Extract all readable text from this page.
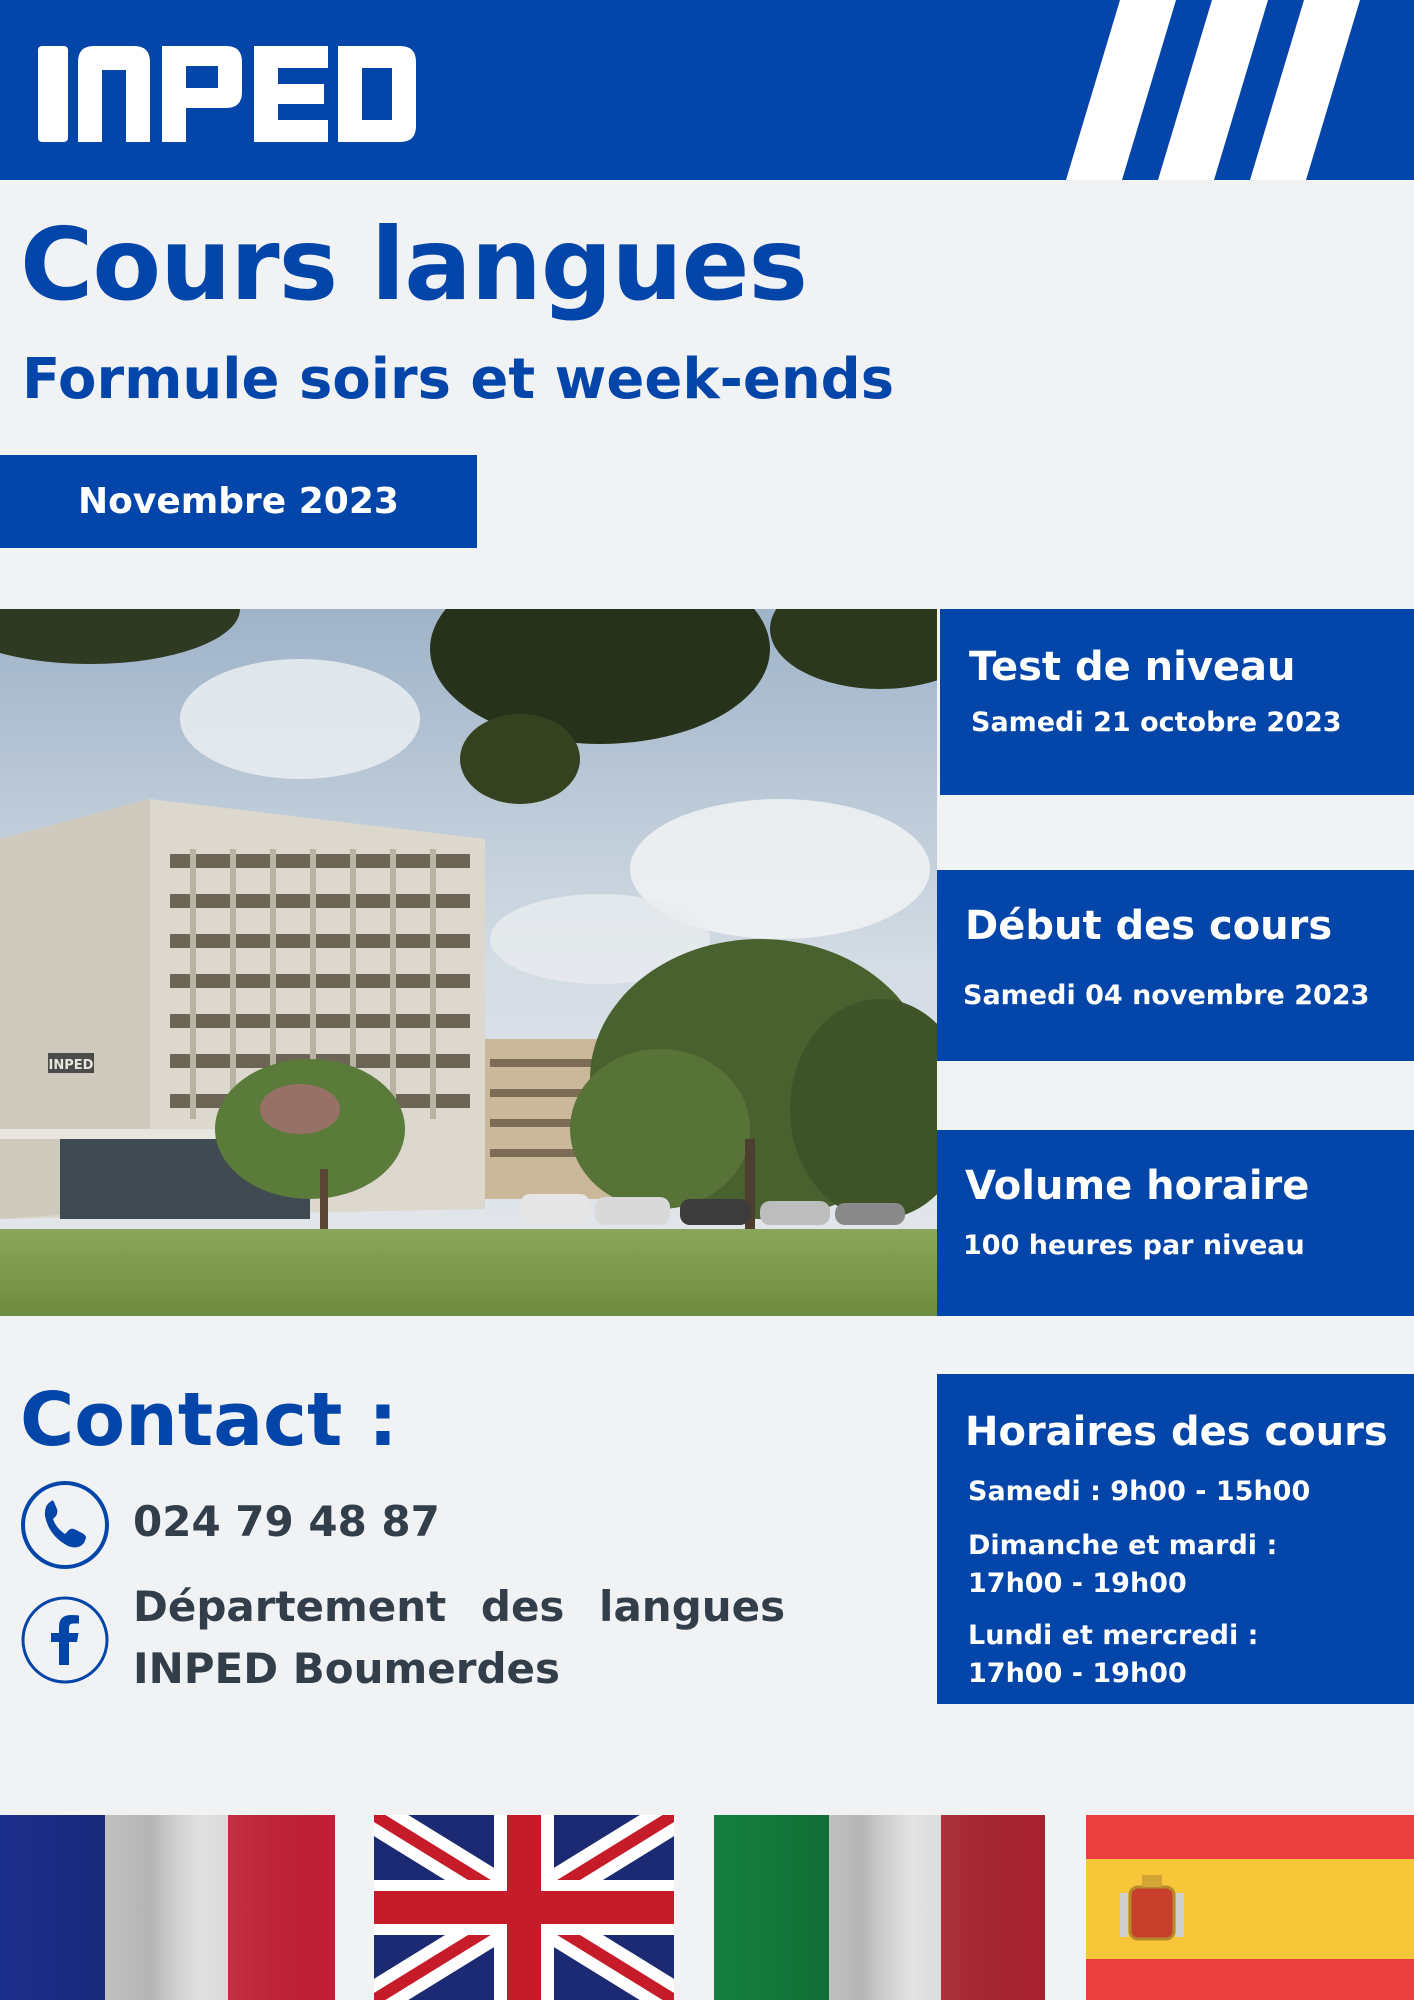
Cours langues
Formule soirs et week-ends
Novembre 2023
INPED
Test de niveau
Samedi 21 octobre 2023
Début des cours
Samedi 04 novembre 2023
Volume horaire
100 heures par niveau
Horaires des cours
Samedi : 9h00 - 15h00
Dimanche et mardi :
17h00 - 19h00
Lundi et mercredi :
17h00 - 19h00
Contact :
024 79 48 87
Département des langues
INPED Boumerdes
